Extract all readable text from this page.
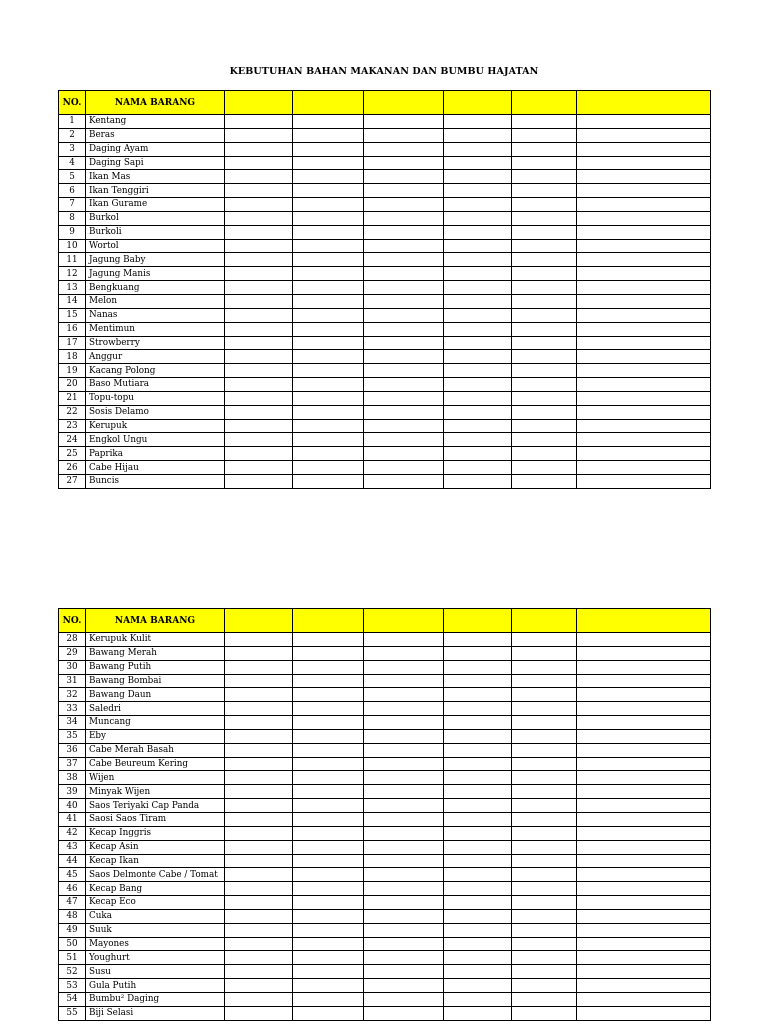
KEBUTUHAN BAHAN MAKANAN DAN BUMBU HAJATAN
NO.	NAMA BARANG						
1	Kentang						
2	Beras						
3	Daging Ayam						
4	Daging Sapi						
5	Ikan Mas						
6	Ikan Tenggiri						
7	Ikan Gurame						
8	Burkol						
9	Burkoli						
10	Wortol						
11	Jagung Baby						
12	Jagung Manis						
13	Bengkuang						
14	Melon						
15	Nanas						
16	Mentimun						
17	Strowberry						
18	Anggur						
19	Kacang Polong						
20	Baso Mutiara						
21	Topu-topu						
22	Sosis Delamo						
23	Kerupuk						
24	Engkol Ungu						
25	Paprika						
26	Cabe Hijau						
27	Buncis						
NO.	NAMA BARANG						
28	Kerupuk Kulit						
29	Bawang Merah						
30	Bawang Putih						
31	Bawang Bombai						
32	Bawang Daun						
33	Saledri						
34	Muncang						
35	Eby						
36	Cabe Merah Basah						
37	Cabe Beureum Kering						
38	Wijen						
39	Minyak Wijen						
40	Saos Teriyaki Cap Panda						
41	Saosi Saos Tiram						
42	Kecap Inggris						
43	Kecap Asin						
44	Kecap Ikan						
45	Saos Delmonte Cabe / Tomat						
46	Kecap Bang						
47	Kecap Eco						
48	Cuka						
49	Suuk						
50	Mayones						
51	Youghurt						
52	Susu						
53	Gula Putih						
54	Bumbu² Daging						
55	Biji Selasi						
